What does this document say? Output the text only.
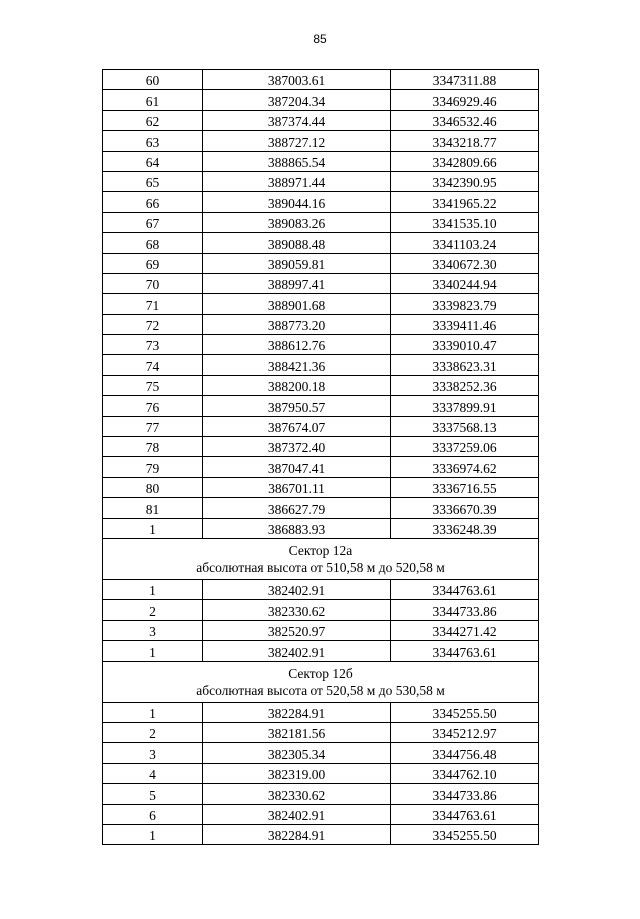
85
60	387003.61	3347311.88
61	387204.34	3346929.46
62	387374.44	3346532.46
63	388727.12	3343218.77
64	388865.54	3342809.66
65	388971.44	3342390.95
66	389044.16	3341965.22
67	389083.26	3341535.10
68	389088.48	3341103.24
69	389059.81	3340672.30
70	388997.41	3340244.94
71	388901.68	3339823.79
72	388773.20	3339411.46
73	388612.76	3339010.47
74	388421.36	3338623.31
75	388200.18	3338252.36
76	387950.57	3337899.91
77	387674.07	3337568.13
78	387372.40	3337259.06
79	387047.41	3336974.62
80	386701.11	3336716.55
81	386627.79	3336670.39
1	386883.93	3336248.39

Сектор 12а
абсолютная высота от 510,58 м до 520,58 м		

1	382402.91	3344763.61
2	382330.62	3344733.86
3	382520.97	3344271.42
1	382402.91	3344763.61

Сектор 12б
абсолютная высота от 520,58 м до 530,58 м		

1	382284.91	3345255.50
2	382181.56	3345212.97
3	382305.34	3344756.48
4	382319.00	3344762.10
5	382330.62	3344733.86
6	382402.91	3344763.61
1	382284.91	3345255.50
